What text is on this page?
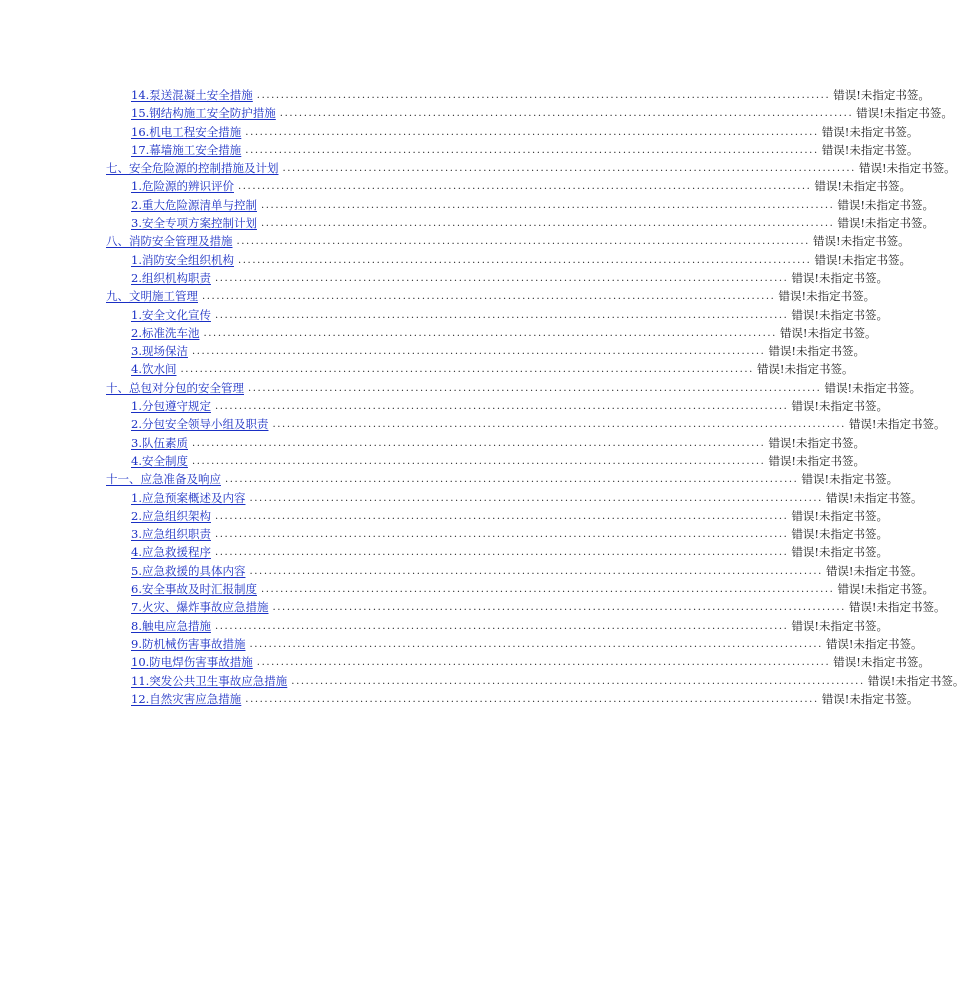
14.泵送混凝土安全措施 ........................................................................................................................ 错误!未指定书签。
15.钢结构施工安全防护措施 ........................................................................................................................ 错误!未指定书签。
16.机电工程安全措施 ........................................................................................................................ 错误!未指定书签。
17.幕墙施工安全措施 ........................................................................................................................ 错误!未指定书签。
七、安全危险源的控制措施及计划 ........................................................................................................................ 错误!未指定书签。
1.危险源的辨识评价 ........................................................................................................................ 错误!未指定书签。
2.重大危险源清单与控制 ........................................................................................................................ 错误!未指定书签。
3.安全专项方案控制计划 ........................................................................................................................ 错误!未指定书签。
八、消防安全管理及措施 ........................................................................................................................ 错误!未指定书签。
1.消防安全组织机构 ........................................................................................................................ 错误!未指定书签。
2.组织机构职责 ........................................................................................................................ 错误!未指定书签。
九、文明施工管理 ........................................................................................................................ 错误!未指定书签。
1.安全文化宣传 ........................................................................................................................ 错误!未指定书签。
2.标准洗车池 ........................................................................................................................ 错误!未指定书签。
3.现场保洁 ........................................................................................................................ 错误!未指定书签。
4.饮水间 ........................................................................................................................ 错误!未指定书签。
十、总包对分包的安全管理 ........................................................................................................................ 错误!未指定书签。
1.分包遵守规定 ........................................................................................................................ 错误!未指定书签。
2.分包安全领导小组及职责 ........................................................................................................................ 错误!未指定书签。
3.队伍素质 ........................................................................................................................ 错误!未指定书签。
4.安全制度 ........................................................................................................................ 错误!未指定书签。
十一、应急准备及响应 ........................................................................................................................ 错误!未指定书签。
1.应急预案概述及内容 ........................................................................................................................ 错误!未指定书签。
2.应急组织架构 ........................................................................................................................ 错误!未指定书签。
3.应急组织职责 ........................................................................................................................ 错误!未指定书签。
4.应急救援程序 ........................................................................................................................ 错误!未指定书签。
5.应急救援的具体内容 ........................................................................................................................ 错误!未指定书签。
6.安全事故及时汇报制度 ........................................................................................................................ 错误!未指定书签。
7.火灾、爆炸事故应急措施 ........................................................................................................................ 错误!未指定书签。
8.触电应急措施 ........................................................................................................................ 错误!未指定书签。
9.防机械伤害事故措施 ........................................................................................................................ 错误!未指定书签。
10.防电焊伤害事故措施 ........................................................................................................................ 错误!未指定书签。
11.突发公共卫生事故应急措施 ........................................................................................................................ 错误!未指定书签。
12.自然灾害应急措施 ........................................................................................................................ 错误!未指定书签。
